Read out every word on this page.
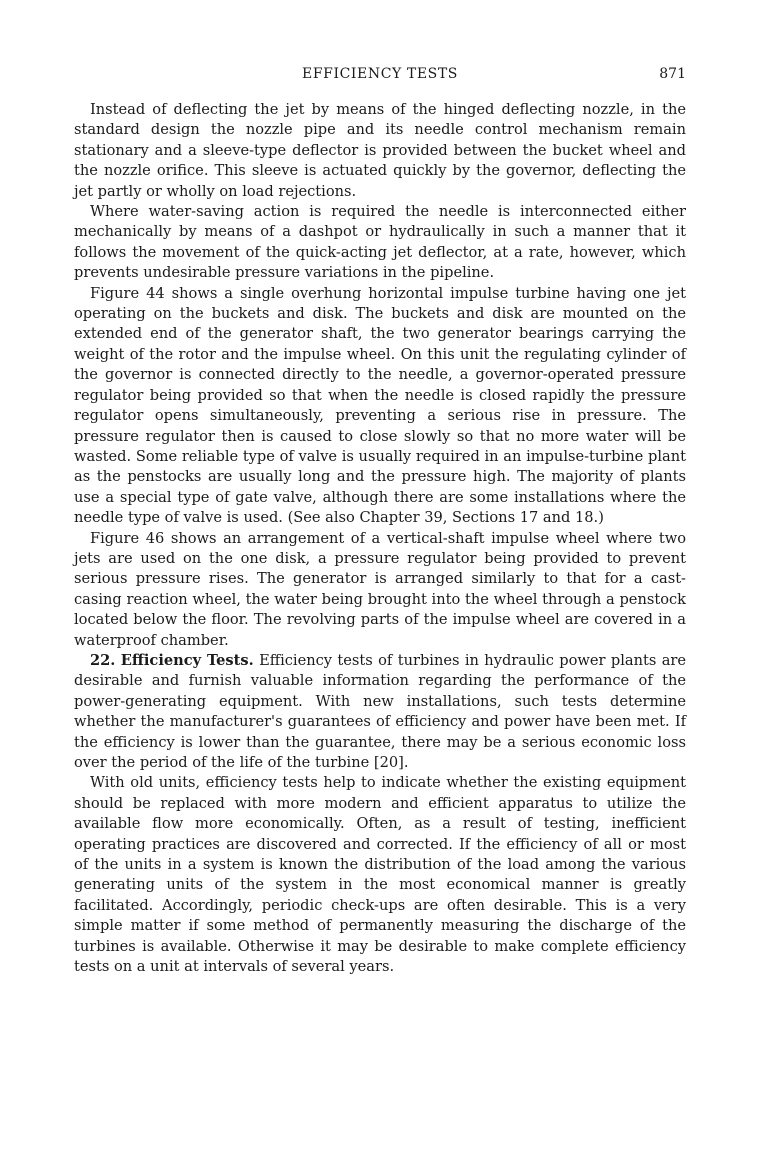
EFFICIENCY TESTS	871

Instead of deflecting the jet by means of the hinged deflecting nozzle, in the standard design the nozzle pipe and its needle control mechanism remain stationary and a sleeve-type deflector is provided between the bucket wheel and the nozzle orifice. This sleeve is actuated quickly by the governor, deflecting the jet partly or wholly on load rejections.

Where water-saving action is required the needle is interconnected either mechanically by means of a dashpot or hydraulically in such a manner that it follows the movement of the quick-acting jet deflector, at a rate, however, which prevents undesirable pressure variations in the pipeline.

Figure 44 shows a single overhung horizontal impulse turbine having one jet operating on the buckets and disk. The buckets and disk are mounted on the extended end of the generator shaft, the two generator bearings carrying the weight of the rotor and the impulse wheel. On this unit the regulating cylinder of the governor is connected directly to the needle, a governor-operated pressure regulator being provided so that when the needle is closed rapidly the pressure regulator opens simultaneously, preventing a serious rise in pressure. The pressure regulator then is caused to close slowly so that no more water will be wasted. Some reliable type of valve is usually required in an impulse-turbine plant as the penstocks are usually long and the pressure high. The majority of plants use a special type of gate valve, although there are some installations where the needle type of valve is used. (See also Chapter 39, Sections 17 and 18.)

Figure 46 shows an arrangement of a vertical-shaft impulse wheel where two jets are used on the one disk, a pressure regulator being provided to prevent serious pressure rises. The generator is arranged similarly to that for a cast-casing reaction wheel, the water being brought into the wheel through a penstock located below the floor. The revolving parts of the impulse wheel are covered in a waterproof chamber.

22. Efficiency Tests. Efficiency tests of turbines in hydraulic power plants are desirable and furnish valuable information regarding the performance of the power-generating equipment. With new installations, such tests determine whether the manufacturer's guarantees of efficiency and power have been met. If the efficiency is lower than the guarantee, there may be a serious economic loss over the period of the life of the turbine [20].

With old units, efficiency tests help to indicate whether the existing equipment should be replaced with more modern and efficient apparatus to utilize the available flow more economically. Often, as a result of testing, inefficient operating practices are discovered and corrected. If the efficiency of all or most of the units in a system is known the distribution of the load among the various generating units of the system in the most economical manner is greatly facilitated. Accordingly, periodic check-ups are often desirable. This is a very simple matter if some method of permanently measuring the discharge of the turbines is available. Otherwise it may be desirable to make complete efficiency tests on a unit at intervals of several years.
